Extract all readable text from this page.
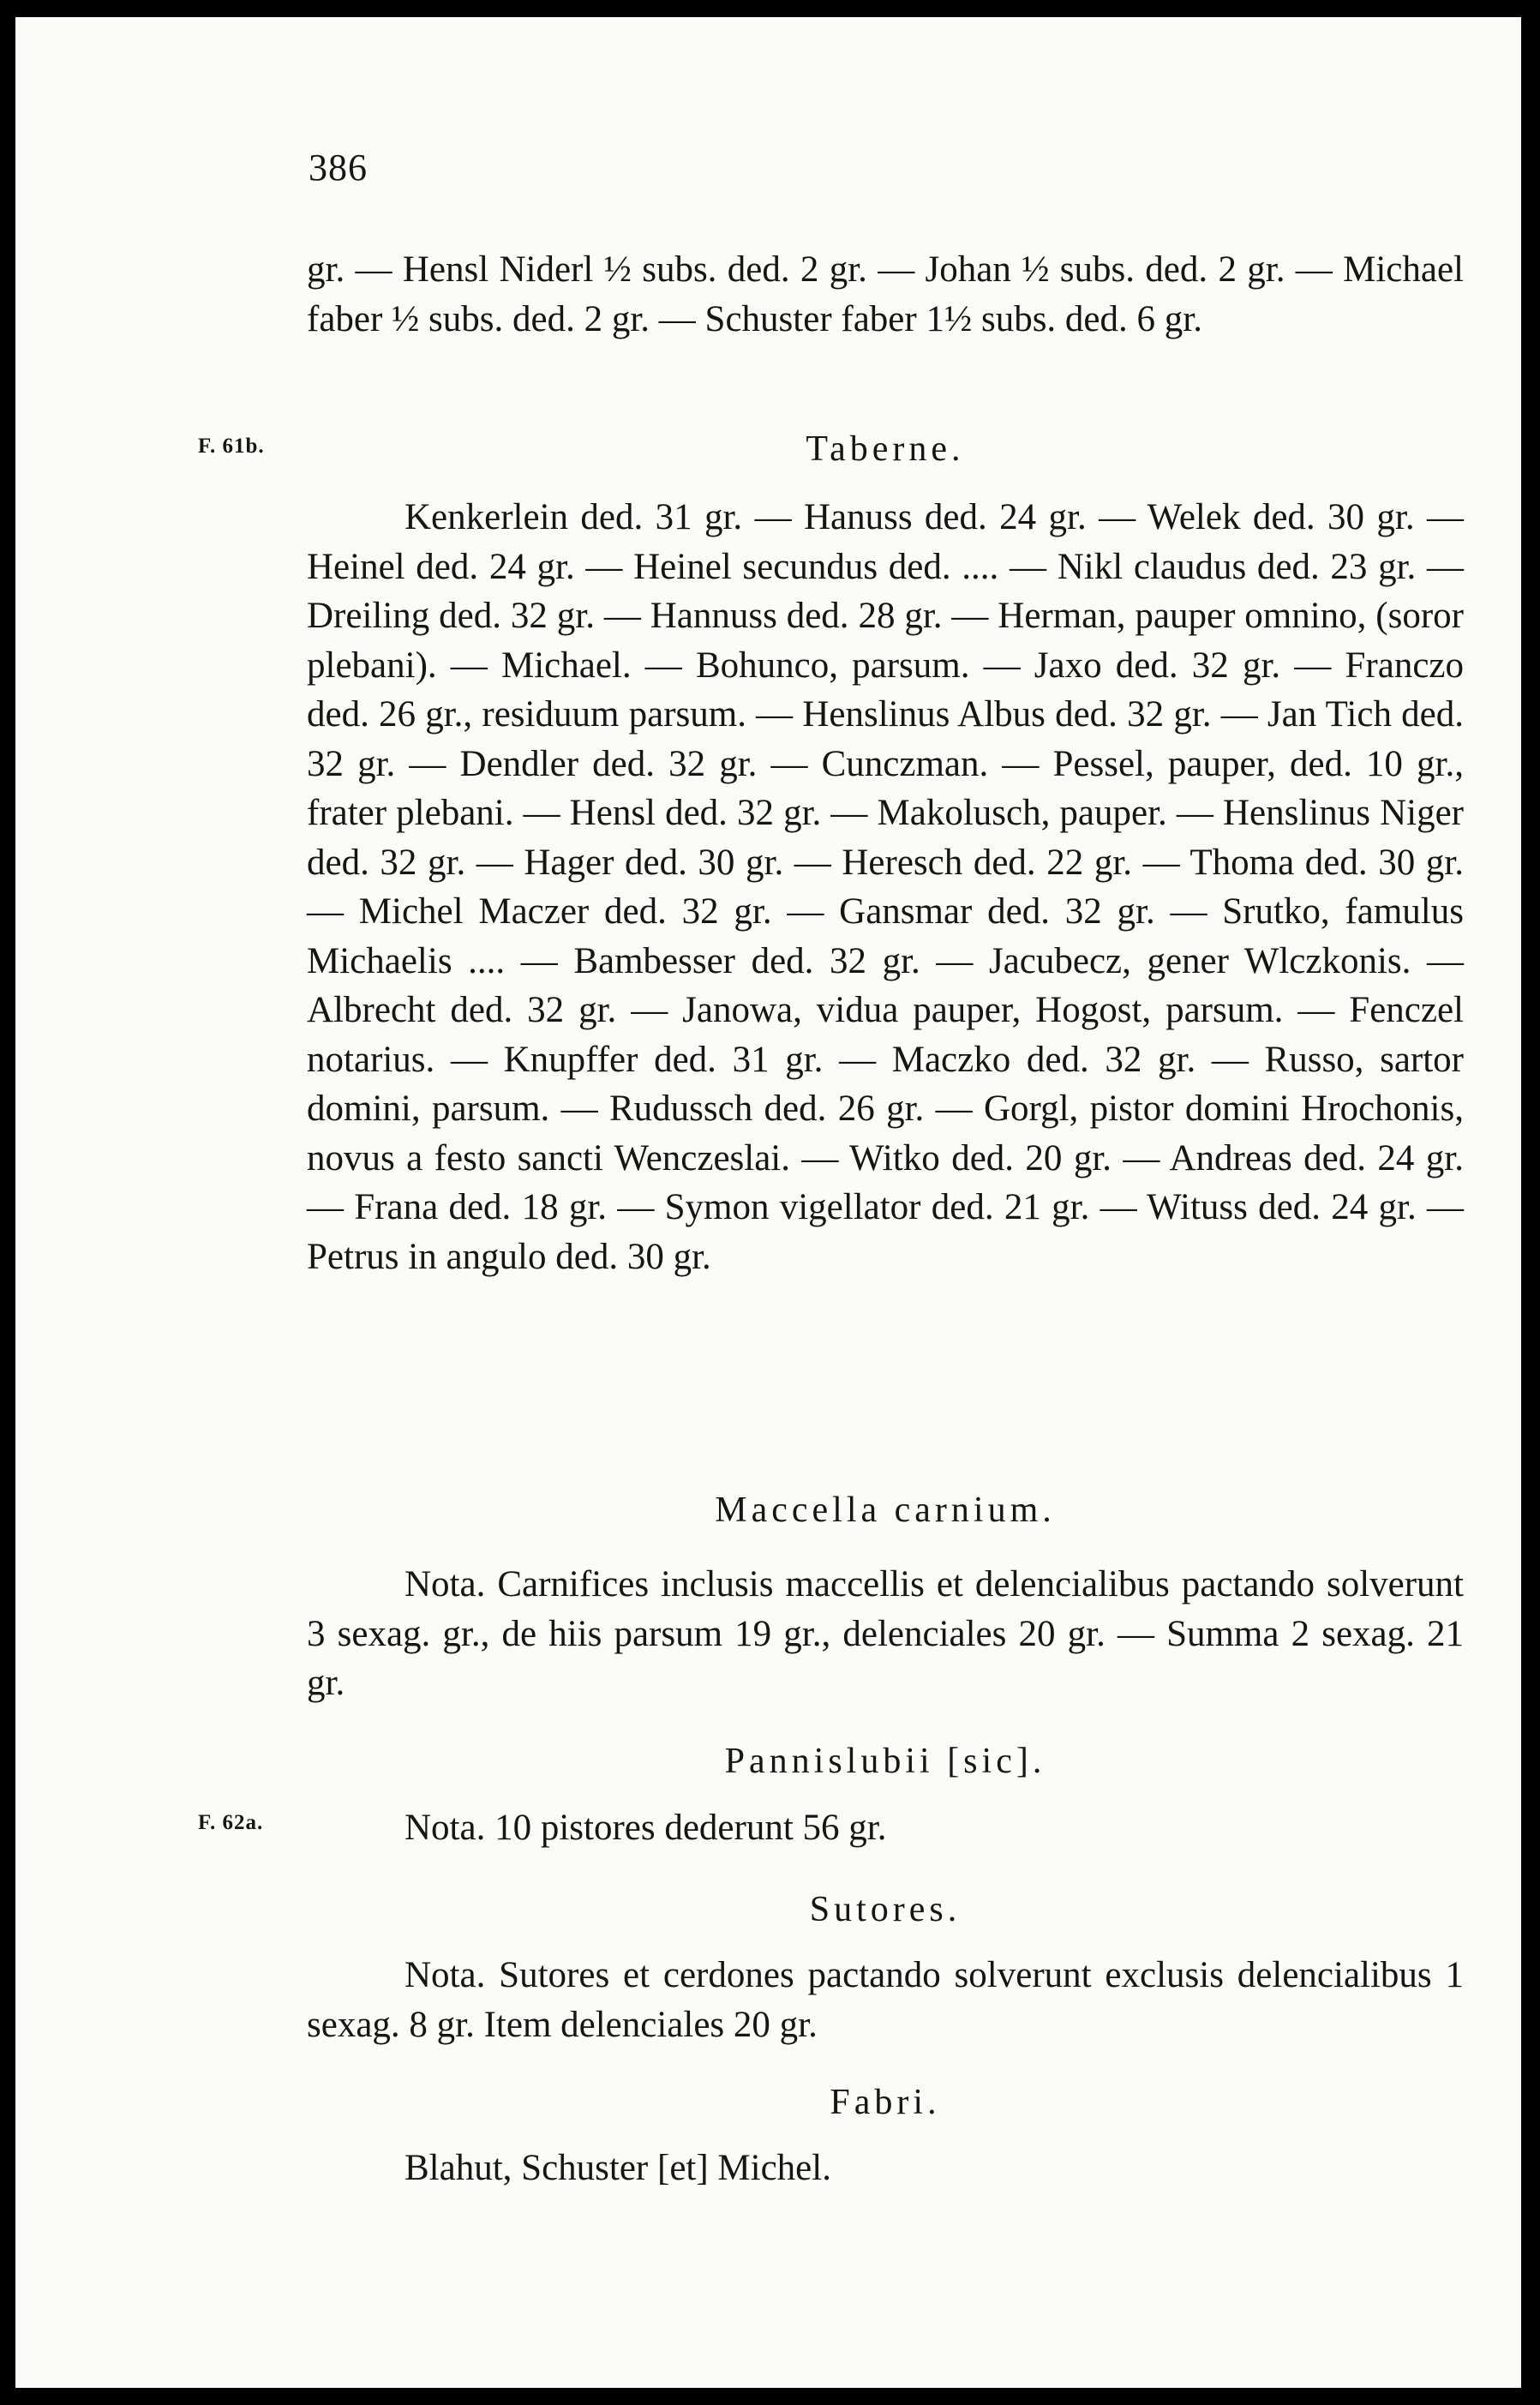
386
F. 61b.
F. 62a.

gr. — Hensl Niderl ½ subs. ded. 2 gr. — Johan ½ subs. ded. 2 gr. — Michael faber ½ subs. ded. 2 gr. — Schuster faber 1½ subs. ded. 6 gr.

Taberne.

Kenkerlein ded. 31 gr. — Hanuss ded. 24 gr. — Welek ded. 30 gr. — Heinel ded. 24 gr. — Heinel secundus ded. .... — Nikl claudus ded. 23 gr. — Dreiling ded. 32 gr. — Hannuss ded. 28 gr. — Herman, pauper omnino, (soror plebani). — Michael. — Bohunco, parsum. — Jaxo ded. 32 gr. — Franczo ded. 26 gr., residuum parsum. — Henslinus Albus ded. 32 gr. — Jan Tich ded. 32 gr. — Dendler ded. 32 gr. — Cunczman. — Pessel, pauper, ded. 10 gr., frater plebani. — Hensl ded. 32 gr. — Makolusch, pauper. — Henslinus Niger ded. 32 gr. — Hager ded. 30 gr. — Heresch ded. 22 gr. — Thoma ded. 30 gr. — Michel Maczer ded. 32 gr. — Gansmar ded. 32 gr. — Srutko, famulus Michaelis .... — Bambesser ded. 32 gr. — Jacubecz, gener Wlczkonis. — Albrecht ded. 32 gr. — Janowa, vidua pauper, Hogost, parsum. — Fenczel notarius. — Knupffer ded. 31 gr. — Maczko ded. 32 gr. — Russo, sartor domini, parsum. — Rudussch ded. 26 gr. — Gorgl, pistor domini Hrochonis, novus a festo sancti Wenczeslai. — Witko ded. 20 gr. — Andreas ded. 24 gr. — Frana ded. 18 gr. — Symon vigellator ded. 21 gr. — Wituss ded. 24 gr. — Petrus in angulo ded. 30 gr.

Maccella carnium.

Nota. Carnifices inclusis maccellis et delencialibus pactando solverunt 3 sexag. gr., de hiis parsum 19 gr., delenciales 20 gr. — Summa 2 sexag. 21 gr.

Pannislubii [sic].

Nota. 10 pistores dederunt 56 gr.

Sutores.

Nota. Sutores et cerdones pactando solverunt exclusis delencialibus 1 sexag. 8 gr. Item delenciales 20 gr.

Fabri.

Blahut, Schuster [et] Michel.
